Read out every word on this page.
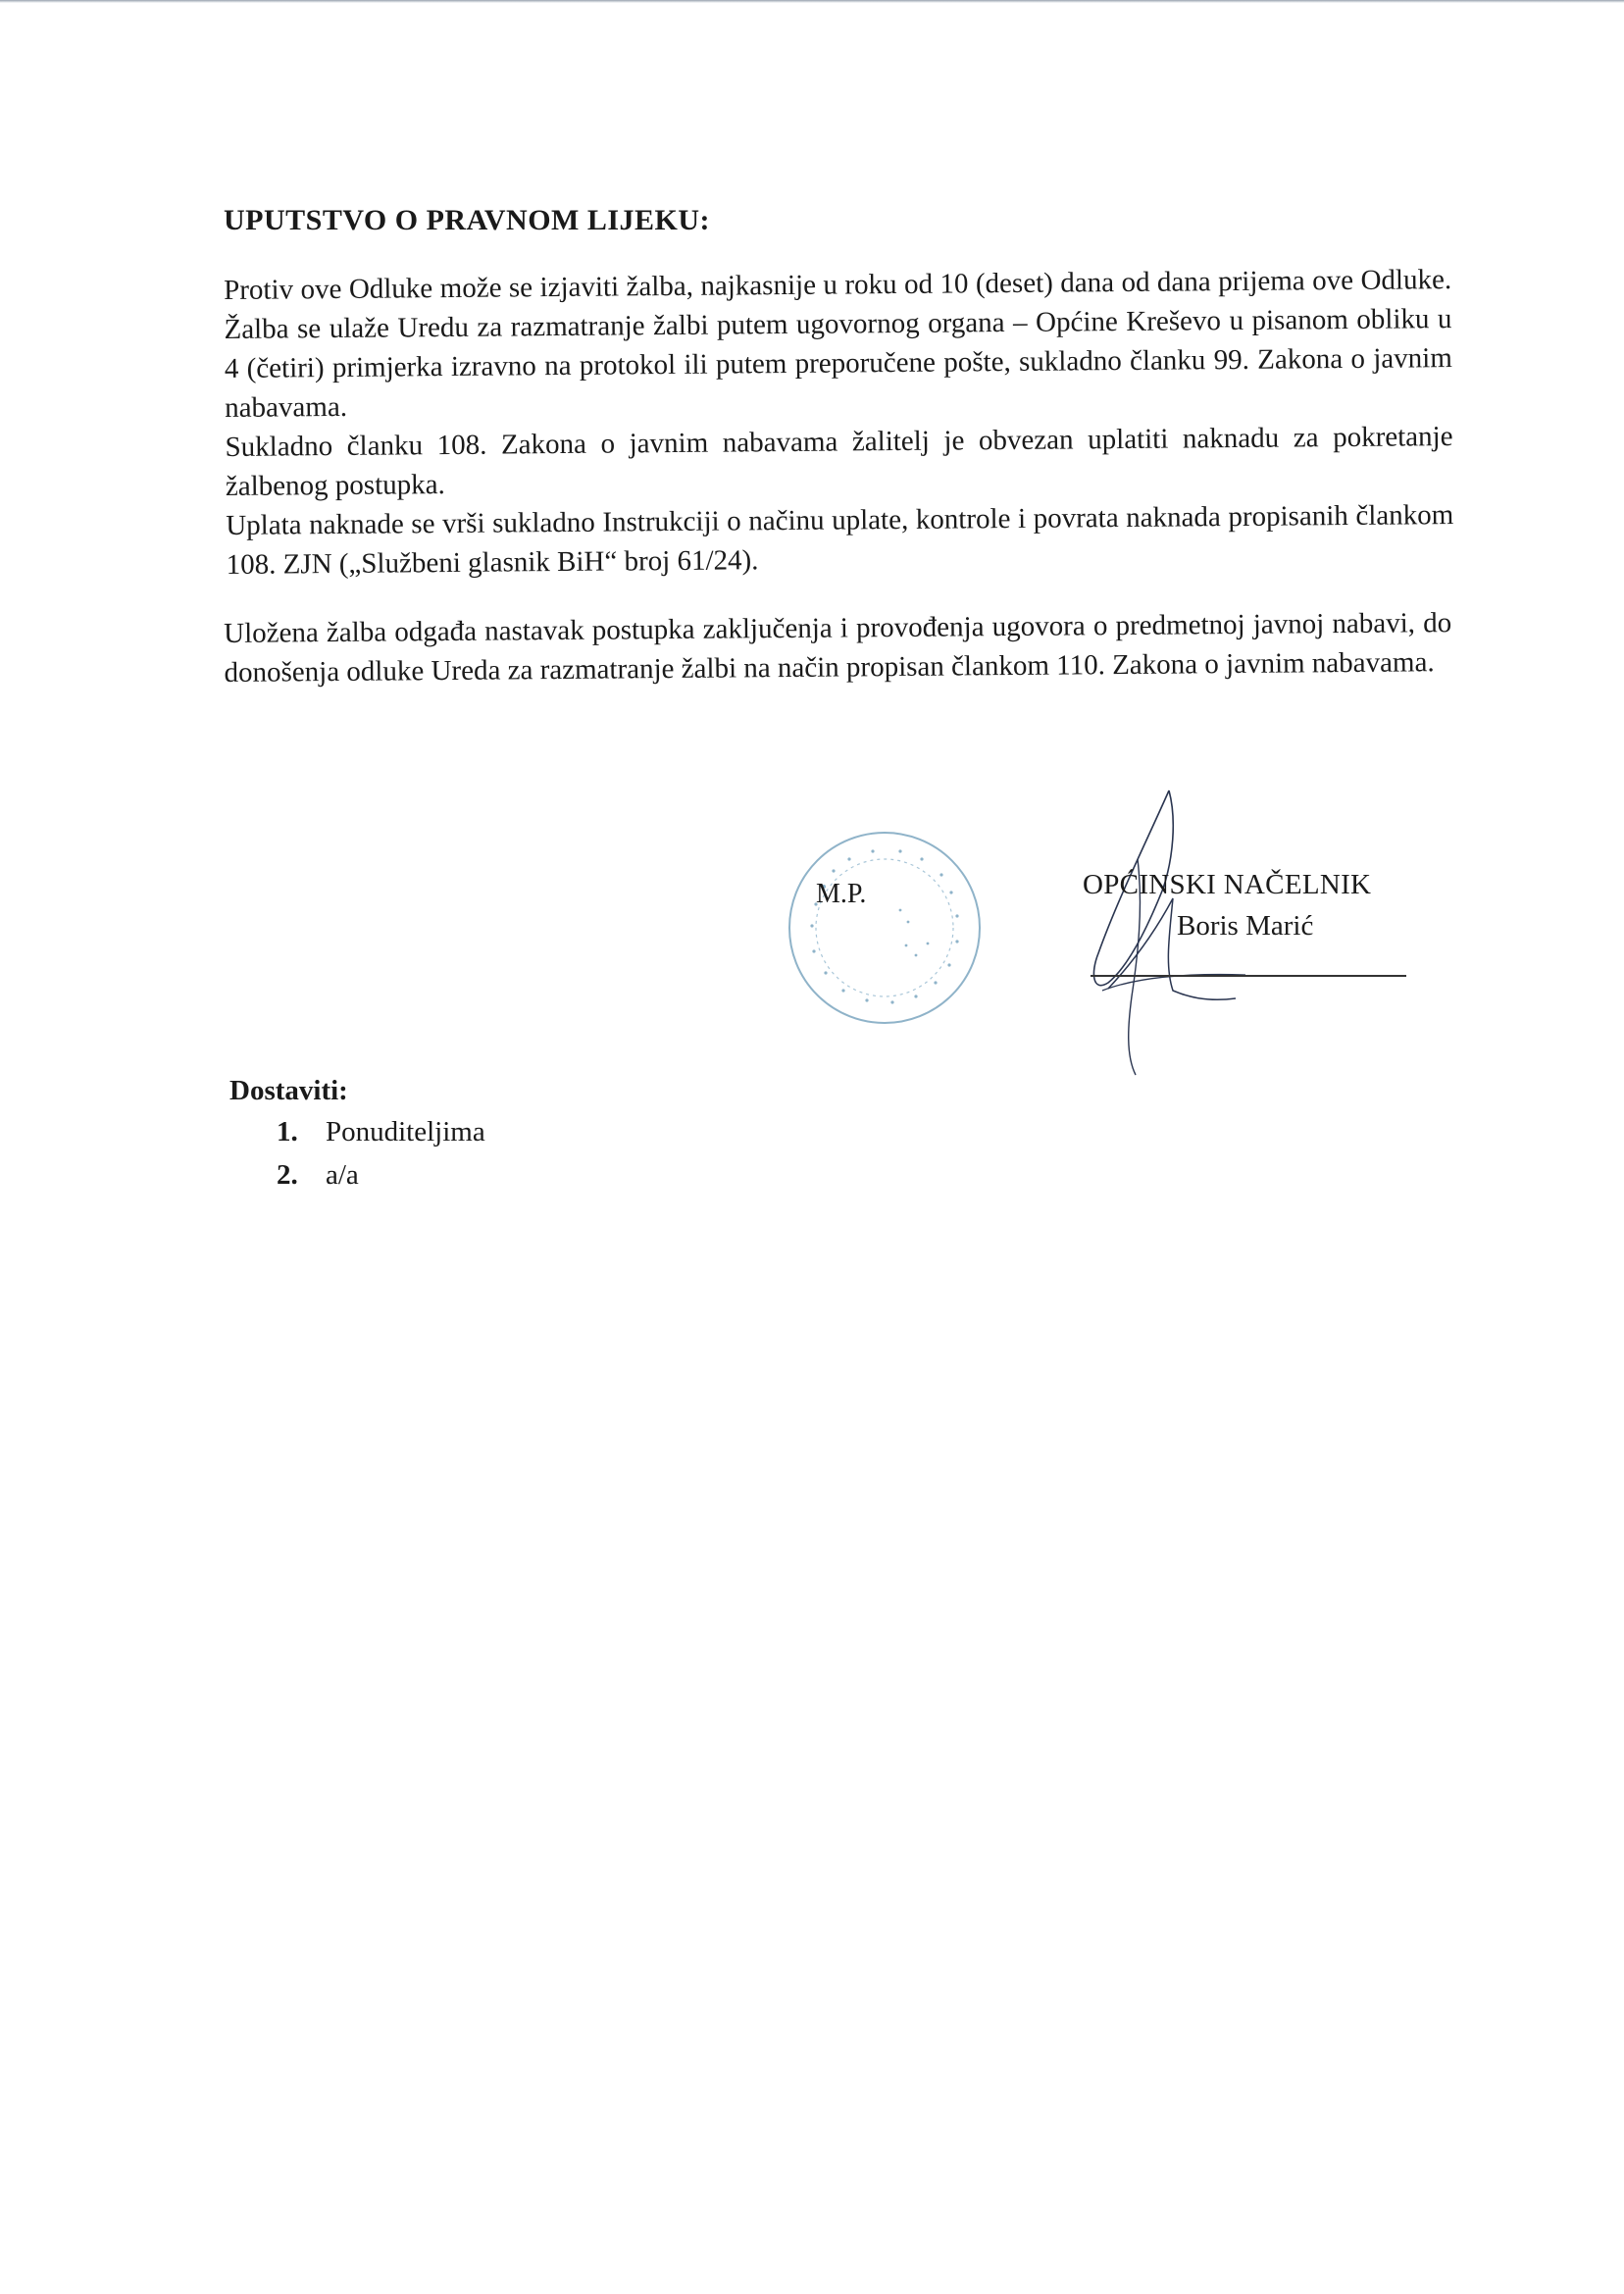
UPUTSTVO O PRAVNOM LIJEKU:

Protiv ove Odluke može se izjaviti žalba, najkasnije u roku od 10 (deset) dana od dana prijema ove Odluke. Žalba se ulaže Uredu za razmatranje žalbi putem ugovornog organa – Općine Kreševo u pisanom obliku u 4 (četiri) primjerka izravno na protokol ili putem preporučene pošte, sukladno članku 99. Zakona o javnim nabavama.

Sukladno članku 108. Zakona o javnim nabavama žalitelj je obvezan uplatiti naknadu za pokretanje žalbenog postupka.

Uplata naknade se vrši sukladno Instrukciji o načinu uplate, kontrole i povrata naknada propisanih člankom 108. ZJN („Službeni glasnik BiH“ broj 61/24).

Uložena žalba odgađa nastavak postupka zaključenja i provođenja ugovora o predmetnoj javnoj nabavi, do donošenja odluke Ureda za razmatranje žalbi na način propisan člankom 110. Zakona o javnim nabavama.

M.P.	OPĆINSKI NAČELNIK
Boris Marić
Dostaviti:
1. Ponuditeljima
2. a/a
